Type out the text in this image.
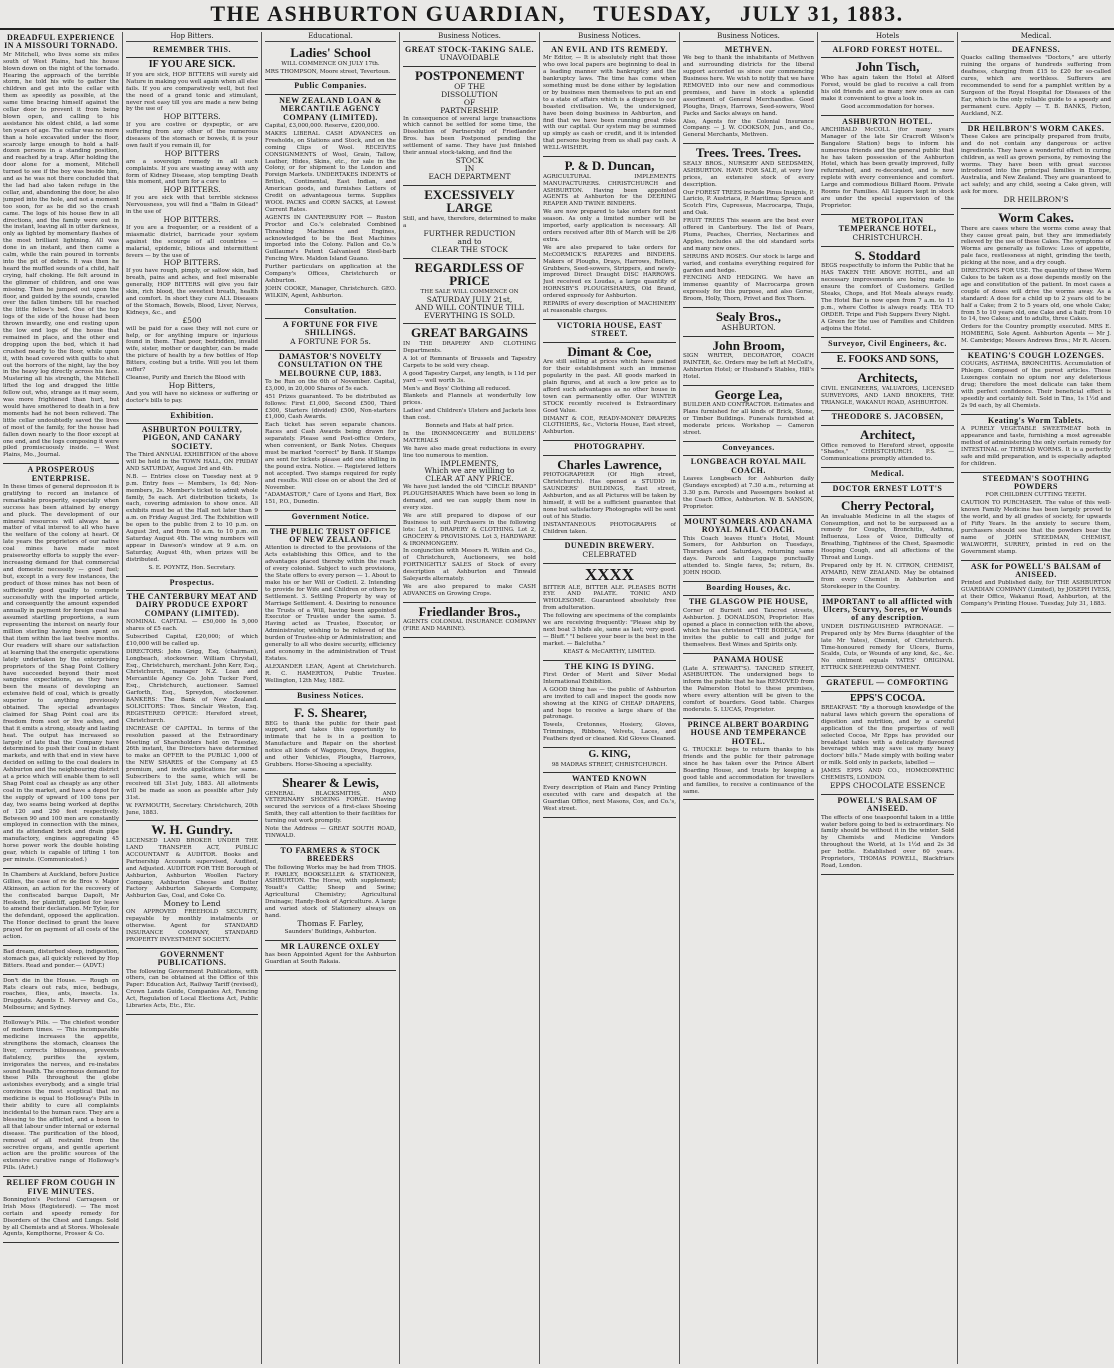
THE ASHBURTON GUARDIAN, TUESDAY, JULY 31, 1883.
DREADFUL EXPERIENCE IN A MISSOURI TORNADO.
Mr Mitchell, who lives some six miles south of West Plains, had his house blown down on the night of the tornado. Hearing the approach of the terrible storm, he told his wife to gather the children and get into the cellar with them as speedily as possible, at the same time bracing himself against the cellar door to prevent it from being blown open, and calling to his assistance his oldest child, a lad some ten years of age. The cellar was no more than a hole excavated under the floor, scarcely large enough to hold a half-dozen persons in a standing position, and reached by a trap. After holding the door alone for a moment, Mitchell turned to see if the boy was beside him, and as he was not there concluded that the lad had also taken refuge in the cellar, and, abandoning the door, he also jumped into the hole, and not a moment too soon, for as he did so the crash came. The logs of his house flew in all directions, and the family were out in the instant, leaving all in utter darkness, only as lighted by momentary flashes of the most brilliant lightning. All was done in an instant, and then came a calm, while the rain poured in torrents into the pit of debris. It was then he heard the muffled sounds of a child, half crying, half choking. He felt around in the glimmer of children, and one was missing. Then he jumped out upon the floor, and guided by the sounds, crawled over the fallen timbers till he reached the little fellow's bed. One of the top logs of the side of the house had been thrown inwardly, one end resting upon the low end logs of the house that remained in place, and the other end dropping upon the bed, which it had crushed nearly to the floor, while upon it, with head covered with quilts to shut out the horrors of the night, lay the boy in the heavy log directly across his face. Mustering all his strength, the Mitchell lifted the log and dragged the little fellow out, who, strange as it may seem, was more frightened than hurt, but would have smothered to death in a few moments had he not been relieved. The little cellar undoubtedly saved the lives of most of the family, for the house had fallen down nearly to the floor except at one end, and the logs composing it were piled promiscuously inside. — West Plains, Mo., Journal.
A PROSPEROUS ENTERPRISE.
In these times of general depression it is gratifying to record an instance of remarkable prosperity, especially when success has been attained by energy and pluck. The development of our mineral resources will always be a matter of vital interest to all who have the welfare of the colony at heart. Of late years the proprietors of our native coal mines have made most praiseworthy efforts to supply the ever-increasing demand for that commercial and domestic necessity — good fuel; but, except in a very few instances, the product of those mines has not been of sufficiently good quality to compete successfully with the imported article, and consequently the amount expended annually in payment for foreign coal has assumed startling proportions, a sum representing the interest on nearly four million sterling having been spent on that item within the last twelve months. Our readers will share our satisfaction at learning that the energetic operations lately undertaken by the enterprising proprietors of the Shag Point Colliery have succeeded beyond their most sanguine expectations, as they have been the means of developing an extensive field of coal, which is greatly superior to anything previously obtained. The special advantages claimed for Shag Point coal are its freedom from soot or live ashes, and that it emits a strong, steady and lasting heat. The output has increased so largely of late that the Company have determined to push their coal in distant markets, and with that end in view have decided on selling to the coal dealers in Ashburton and the neighbouring district at a price which will enable them to sell Shag Point coal as cheaply as any other coal in the market, and have a depot for the supply of upward of 100 tons per day, two seams being worked at depths of 120 and 250 feet respectively. Between 90 and 100 men are constantly employed in connection with the mines, and its attendant brick and drain pipe manufactory, engines aggregating 45 horse power work the double hoisting gear, which is capable of lifting 1 ton per minute. (Communicated.)
In Chambers at Auckland, before Justice Gillies, the case of re de Bros v. Major Atkinson, an action for the recovery of the confiscated barque Dapolt, Mr Hesketh, for plaintiff, applied for leave to amend their declaration. Mr Tyler, for the defendant, opposed the application. The Honor declined to grant the leave prayed for on payment of all costs of the action.
Bad dream, disturbed sleep, indigestion, stomach gas, all quickly relieved by Hop Bitters. Read and ponder.— (ADVT.)
Don't die in the House. — Rough on Rats clears out rats, mice, bedbugs, roaches, flies, ants, insects. 1s. Druggists. Agents E. Mervey and Co., Melbourne; and Sydney.
Holloway's Pills. — The chiefest wonder of modern times. — This incomparable medicine increases the appetite, strengthens the stomach, cleanses the liver, corrects biliousness, prevents flatulency, purifies the system, invigorates the nerves, and re-instates sound health. The enormous demand for these Pills throughout the globe astonishes everybody, and a single trial convinces the most sceptical that no medicine is equal to Holloway's Pills in their ability to cure all complaints incidental to the human race. They are a blessing to the afflicted, and a boon to all that labour under internal or external disease. The purification of the blood, removal of all restraint from the secretive organs, and gentle aperient action are the prolific sources of the extensive curative range of Holloway's Pills. (Advt.)
RELIEF FROM COUGH IN FIVE MINUTES.
Bonnington's Pectoral Carrageen or Irish Moss (Registered). — The most certain and speedy remedy for Disorders of the Chest and Lungs. Sold by all Chemists and at Stores. Wholesale Agents, Kempthorne, Prosser & Co.
Hop Bitters.
REMEMBER THIS.
IF YOU ARE SICK.
If you are sick, HOP BITTERS will surely aid Nature in making you well again when all else fails. If you are comparatively well, but feel the need of a grand tonic and stimulant, never rest easy till you are made a new being by the use of
HOP BITTERS.
If you are costive or dyspeptic, or are suffering from any other of the numerous diseases of the stomach or bowels, it is your own fault if you remain ill, for
HOP BITTERS
are a sovereign remedy in all such complaints. If you are wasting away with any form of Kidney Disease, stop tempting Death this moment, and turn for a cure to
HOP BITTERS.
If you are sick with that terrible sickness Nervousness, you will find a "Balm in Gilead" in the use of
HOP BITTERS.
If you are a frequenter, or a resident of a miasmatic district, barricade your system against the scourge of all countries — malarial, epidemic, bilious and intermittent fevers — by the use of
HOP BITTERS.
If you have rough, pimply, or sallow skin, bad breath, pains and aches, and feel miserable generally, HOP BITTERS will give you fair skin, rich blood, the sweetest breath, health and comfort. In short they cure ALL Diseases of the Stomach, Bowels, Blood, Liver, Nerves, Kidneys, &c., and
£500
will be paid for a case they will not cure or help, or for anything impure or injurious found in them. That poor, bedridden, invalid wife, sister, mother or daughter, can be made the picture of health by a few bottles of Hop Bitters, costing but a trifle. Will you let them suffer?
Cleanse, Purify and Enrich the Blood with
Hop Bitters,
And you will have no sickness or suffering or doctor's bills to pay.
Exhibition.
ASHBURTON POULTRY, PIGEON, AND CANARY SOCIETY.
The Third ANNUAL EXHIBITION of the above will be held in the TOWN HALL, ON FRIDAY AND SATURDAY, August 3rd and 4th.
N.B. — Entries close on Tuesday next at 9 p.m. Entry fees — Members, 1s 6d; Non-members, 2s. Member's ticket to admit whole family, 5s each. Art distribution tickets, 1s each, covering admission to show once. All exhibits must be at the Hall not later than 9 a.m. on Friday August 3rd. The Exhibition will be open to the public from 2 to 10 p.m. on August 3rd, and from 10 a.m. to 10 p.m. on Saturday August 4th. The wing numbers will appear in Dawson's window at 9 a.m. on Saturday, August 4th, when prizes will be distributed.
S. E. POYNTZ, Hon. Secretary.
Prospectus.
THE CANTERBURY MEAT AND DAIRY PRODUCE EXPORT COMPANY (LIMITED).
NOMINAL CAPITAL — £50,000 In 5,000 shares of £5 each.
Subscribed Capital, £20,000; of which £10,000 will be called up.
DIRECTORS: John Grigg, Esq. (chairman), Longbeach, stockowner. William Chrystall, Esq., Christchurch, merchant. John Kerr, Esq., Christchurch, manager N.Z. Loan and Mercantile Agency Co. John Tucker Ford, Esq., Christchurch, auctioneer. Samuel Garforth, Esq., Spreydon, stockowner. BANKERS: The Bank of New Zealand. SOLICITORS: Thos. Sinclair Weston, Esq. REGISTERED OFFICE: Hereford street, Christchurch.
INCREASE OF CAPITAL. In terms of the resolution passed at the Extraordinary Meeting of Shareholders held on Tuesday, 26th instant, the Directors have determined to make an OFFER to the PUBLIC 1,000 of the NEW SHARES of the Company at £5 premium, and invite applications for same. Subscribers to the same, which will be received till 31st July, 1883. All allotments will be made as soon as possible after July 31st.
W. FAYMOUTH, Secretary. Christchurch, 20th June, 1883.
W. H. Gundry.
LICENSED LAND BROKER UNDER THE LAND TRANSFER ACT, PUBLIC ACCOUNTANT & AUDITOR. Books and Partnership Accounts supervised, Audited, and Adjusted. AUDITOR FOR THE Borough of Ashburton, Ashburton Woollen Factory Company, Ashburton Cheese and Butter Factory Ashburton Saleyards Company, Ashburton Gas, Coal, and Coke Co.
Money to Lend
ON APPROVED FREEHOLD SECURITY, repayable by monthly instalments or otherwise. Agent for STANDARD INSURANCE COMPANY, STANDARD PROPERTY INVESTMENT SOCIETY.
GOVERNMENT PUBLICATIONS.
The following Government Publications, with others, can be obtained at the Office of this Paper: Education Act, Railway Tariff (revised), Crown Lands Guide, Companies Act, Fencing Act, Regulation of Local Elections Act, Public Libraries Acts, Etc., Etc.
Educational.
Ladies' School
WILL COMMENCE ON JULY 17th.
MRS THOMPSON, Moore street, Tevertoun.
Public Companies.
NEW ZEALAND LOAN & MERCANTILE AGENCY COMPANY (LIMITED).
Capital, £3,000,000. Reserve, £200,000.
MAKES LIBERAL CASH ADVANCES on Freeholds, on Stations and Stock, and on the coming Clips of Wool. RECEIVES CONSIGNMENTS of Wool, Grain, Tallow, Leather, Hides, Skins, etc., for sale in the Colony, or for shipment to the London and Foreign Markets. UNDERTAKES INDENTS of British, Continental, East Indian, and American goods, and furnishes Letters of Credit on advantageous terms. Supplies WOOL PACKS and CORN SACKS, at Lowest Current Rates.
AGENTS IN CANTERBURY FOR — Ruston Proctor and Co.'s celebrated Combined Thrashing Machines and Engines, acknowledged to be the Best Machines imported into the Colony. Fallon and Co.'s Guillaume's Patent Galvanised Steel-barb Fencing Wire. Maldon Island Guano.
Further particulars on application at the Company's Offices, Christchurch or Ashburton.
JOHN COOKE, Manager, Christchurch. GEO. WILKIN, Agent, Ashburton.
Consultation.
A FORTUNE FOR FIVE SHILLINGS.
A FORTUNE FOR 5s.
DAMASTOR'S NOVELTY CONSULTATION ON THE MELBOURNE CUP, 1883.
To be Run on the 6th of November. Capital, £3,000, in 20,000 Shares of 5s each.
451 Prizes guaranteed. To be distributed as follows: First £1,000, Second £500, Third £300, Starters (divided) £500, Non-starters £1,000, Cash Awards.
Each ticket has seven separate chances. Races and Cash Awards being drawn for separately. Please send Post-office Orders, when convenient, or Bank Notes. Cheques must be marked "correct" by Bank. If Stamps are sent for tickets please add one shilling in the pound extra. Notice. — Registered letters not accepted. Two stamps required for reply and results. Will close on or about the 3rd of November.
"ADAMASTOR," Care of Lyons and Hart, Box 151, P.O., Dunedin.
Government Notice.
THE PUBLIC TRUST OFFICE OF NEW ZEALAND.
Attention is directed to the provisions of the Acts establishing this Office, and to the advantages placed thereby within the reach of every colonist. Subject to such provisions, the State offers to every person — 1. About to make his or her Will or Codicil. 2. Intending to provide for Wife and Children or others by Settlement. 3. Settling Property by way of Marriage Settlement. 4. Desiring to renounce the Trusts of a Will, having been appointed Executor or Trustee under the same. 5. Having acted as Trustee, Executor, or Administrator, wishing to be relieved of the burden of Trustee-ship or Administration; and generally to all who desire security, efficiency and economy in the administration of Trust Estates.
ALEXANDER LEAN, Agent at Christchurch. R. C. HAMERTON, Public Trustee. Wellington, 12th May, 1882.
Business Notices.
F. S. Shearer,
BEG to thank the public for their past support, and takes this opportunity to intimate that he is in a position to Manufacture and Repair on the shortest notice all kinds of Waggons, Drays, Buggies, and other Vehicles, Ploughs, Harrows, Grubbers. Horse-Shoeing a speciality.
Shearer & Lewis,
GENERAL BLACKSMITHS, AND VETERINARY SHOEING FORGE. Having secured the services of a first-class Shoeing Smith, they call attention to their facilities for turning out work promptly.
Note the Address — GREAT SOUTH ROAD, TINWALD.
TO FARMERS & STOCK BREEDERS
The following Works may be had from THOS. F. FARLEY, BOOKSELLER & STATIONER, ASHBURTON. The Horse, with supplement; Youatt's Cattle; Sheep and Swine; Agricultural Chemistry; Agricultural Drainage; Handy-Book of Agriculture. A large and varied stock of Stationery always on hand.
Thomas F. Farley,
Saunders' Buildings, Ashburton.
MR LAURENCE OXLEY
has been Appointed Agent for the Ashburton Guardian at South Rakaia.
Business Notices.
GREAT STOCK-TAKING SALE.
UNAVOIDABLE
POSTPONEMENT
OF THE
DISSOLUTION
OF
PARTNERSHIP.
In consequence of several large transactions which cannot be settled for some time, the Dissolution of Partnership of Friedlander Bros. has been Postponed pending the settlement of same. They have just finished their annual stock-taking, and find the
STOCK
IN
EACH DEPARTMENT
EXCESSIVELY LARGE
Still, and have, therefore, determined to make a
FURTHER REDUCTION
and to
CLEAR THE STOCK
REGARDLESS OF PRICE
THE SALE WILL COMMENCE ON
SATURDAY JULY 21st,
AND WILL CONTINUE TILL
EVERYTHING IS SOLD.
GREAT BARGAINS
IN THE DRAPERY AND CLOTHING Departments.
A lot of Remnants of Brussels and Tapestry Carpets to be sold very cheap.
A good Tapestry Carpet, any length, is 11d per yard — well worth 3s.
Men's and Boys' Clothing all reduced.
Blankets and Flannels at wonderfully low prices.
Ladies' and Children's Ulsters and Jackets less than cost.
Bonnets and Hats at half price.
In the IRONMONGERY and BUILDERS' MATERIALS
We have also made great reductions in every line too numerous to mention.
IMPLEMENTS,
Which we are willing to
CLEAR AT ANY PRICE.
We have just landed the old "CIRCLE BRAND" PLOUGHSHARES Which have been so long in demand, and we can supply them now in every size.
We are still prepared to dispose of our Business to suit Purchasers in the following lots: Lot 1, DRAPERY & CLOTHING. Lot 2, GROCERY & PROVISIONS. Lot 3, HARDWARE & IRONMONGERY.
In conjunction with Messrs R. Wilkin and Co., of Christchurch, Auctioneers, we hold FORTNIGHTLY SALES of Stock of every description at Ashburton and Tinwald Saleyards alternately.
We are also prepared to make CASH ADVANCES on Growing Crops.
Friedlander Bros.,
AGENTS COLONIAL INSURANCE COMPANY (FIRE AND MARINE).
Business Notices.
AN EVIL AND ITS REMEDY.
Mr Editor, — It is absolutely right that those who owe local papers are beginning to deal in a leading manner with bankruptcy and the bankruptcy laws. The time has come when something must be done either by legislation or by business men themselves to put an end to a state of affairs which is a disgrace to our boasted civilisation. We, the undersigned, have been doing business in Ashburton, and find that we have been running great risks with our capital. Our system may be summed up simply as cash or credit, and it is intended that persons buying from us shall pay cash. A WELL-WISHER.
P. & D. Duncan,
AGRICULTURAL IMPLEMENTS MANUFACTURERS. CHRISTCHURCH and ASHBURTON. Having been appointed AGENTS at Ashburton for the DEERING REAPER AND TWINE BINDERS.
We are now prepared to take orders for next season. As only a limited number will be imported, early application is necessary. All orders received after 8th of March will be 2/6 extra.
We are also prepared to take orders for McCORMICK'S REAPERS and BINDERS. Makers of Ploughs, Drays, Harrows, Rollers, Grubbers, Seed-sowers, Strippers, and newly-improved Direct Draught DISC HARROWS. Just received ex Loudas, a large quantity of HORNSBY'S PLOUGHSHARES, Old Brand, ordered expressly for Ashburton.
REPAIRS of every description of MACHINERY at reasonable charges.
VICTORIA HOUSE, EAST STREET.
Dimant & Coe,
Are still selling at prices which have gained for their establishment such an immense popularity in the past. All goods marked in plain figures, and at such a low price as to afford such advantages as no other house in town can permanently offer. Our WINTER STOCK recently received is Extraordinary Good Value.
DIMANT & COE, READY-MONEY DRAPERS CLOTHIERS, &c., Victoria House, East street, Ashburton.
PHOTOGRAPHY.
Charles Lawrence,
PHOTOGRAPHER (Of High street, Christchurch). Has opened a STUDIO in SAUNDERS' BUILDINGS, East street, Ashburton, and as all Pictures will be taken by himself, it will be a sufficient guarantee that none but satisfactory Photographs will be sent out of his Studio.
INSTANTANEOUS PHOTOGRAPHS of Children taken.
DUNEDIN BREWERY.
CELEBRATED
XXXX
BITTER ALE, BITTER ALE. PLEASES BOTH EYE AND PALATE. TONIC AND WHOLESOME. Guaranteed absolutely free from adulteration.
The following are specimens of the complaints we are receiving frequently: "Please ship by next boat 3 hhds ale, same as last; very good. — Bluff." "I believe your beer is the best in the market. — Balclutha."
KEAST & McCARTHY, LIMITED.
THE KING IS DYING.
First Order of Merit and Silver Medal International Exhibition.
A GOOD thing has — the public of Ashburton are invited to call and inspect the goods now showing at the KING of CHEAP DRAPERS, and hope to receive a large share of the patronage.
Towels, Cretonnes, Hosiery, Gloves, Trimmings, Ribbons, Velvets, Laces, and Feathers dyed or cleaned. Kid Gloves Cleaned.
G. KING,
98 MADRAS STREET, CHRISTCHURCH.
WANTED KNOWN
Every description of Plain and Fancy Printing executed with care and despatch at the Guardian Office, next Masons, Cox, and Co.'s, West street.
Business Notices.
METHVEN.
We beg to thank the inhabitants of Methven and surrounding districts for the liberal support accorded us since our commencing Business here. We wish to notify that we have REMOVED into our new and commodious premises, and have in stock a splendid assortment of General Merchandise. Good Ploughs, Drays, Harrows, Seed-sowers, Wool Packs and Sacks always on hand.
Also, Agents for the Colonial Insurance Company. — J. W. COOKSON, Jun., and Co., General Merchants, Methven.
Trees. Trees. Trees.
SEALY BROS., NURSERY AND SEEDSMEN, ASHBURTON. HAVE FOR SALE, at very low prices, an extensive stock of every description.
Our FOREST TREES include Pinus Insignis, P. Laricio, P. Austriaca, P. Maritima; Spruce and Scotch Firs, Cupressus, Macrocarpa, Thuja, and Oak.
FRUIT TREES This season are the best ever offered in Canterbury. The list of Pears, Plums, Peaches, Cherries, Nectarines and Apples, includes all the old standard sorts and many new ones.
SHRUBS AND ROSES. Our stock is large and varied, and contains everything required for garden and hedge.
FENCING AND HEDGING. We have an immense quantity of Macrocarpa grown expressly for this purpose, and also Gorse, Broom, Holly, Thorn, Privet and Box Thorn.
Sealy Bros.,
ASHBURTON.
John Broom,
SIGN WRITER, DECORATOR, COACH PAINTER, &c. Orders may be left at McColl's, Ashburton Hotel; or Husband's Stables, Hill's Hotel.
George Lea,
BUILDER AND CONTRACTOR. Estimates and Plans furnished for all kinds of Brick, Stone, or Timber Buildings. Funerals furnished at moderate prices. Workshop — Cameron street.
Conveyances.
LONGBEACH ROYAL MAIL COACH.
Leaves Longbeach for Ashburton daily (Sundays excepted) at 7.30 a.m., returning at 3.30 p.m. Parcels and Passengers booked at the Coach Office, Ashburton. W. B. SANSON, Proprietor.
MOUNT SOMERS AND ANAMA ROYAL MAIL COACH.
This Coach leaves Hunt's Hotel, Mount Somers, for Ashburton on Tuesdays, Thursdays and Saturdays, returning same days. Parcels and Luggage punctually attended to. Single fares, 5s; return, 8s. JOHN HOOD.
Boarding Houses, &c.
THE GLASGOW PIE HOUSE,
Corner of Burnett and Tancred streets, Ashburton. J. DONALDSON, Proprietor. Has opened a place in connection with the above, which he has christened "THE BODEGA," and invites the public to call and judge for themselves. Best Wines and Spirits only.
PANAMA HOUSE
(Late A. STEWART'S). TANCRED STREET, ASHBURTON. The undersigned begs to inform the public that he has REMOVED from the Palmerston Hotel to these premises, where every attention will be given to the comfort of boarders. Good table. Charges moderate. S. LUCAS, Proprietor.
PRINCE ALBERT BOARDING HOUSE AND TEMPERANCE HOTEL.
G. TRUCKLE begs to return thanks to his friends and the public for their patronage since he has taken over the Prince Albert Boarding House, and trusts by keeping a good table and accommodation for travellers and families, to receive a continuance of the same.
Hotels
ALFORD FOREST HOTEL.
John Tisch,
Who has again taken the Hotel at Alford Forest, would be glad to receive a call from his old friends and as many new ones as can make it convenient to give a look in.
Good accommodation for horses.
ASHBURTON HOTEL.
ARCHIBALD McCOLL (for many years Manager of the late Sir Cracroft Wilson's Bangalore Station) begs to inform his numerous friends and the general public that he has taken possession of the Ashburton Hotel, which has been greatly improved, fully refurnished, and re-decorated, and is now replete with every convenience and comfort. Large and commodious Billiard Room. Private Rooms for Families. All Liquors kept in stock are under the special supervision of the Proprietor.
METROPOLITAN TEMPERANCE HOTEL,
CHRISTCHURCH.
S. Stoddard
BEGS respectfully to inform the Public that he HAS TAKEN THE ABOVE HOTEL, and all necessary improvements are being made to ensure the comfort of Customers. Grilled Steaks, Chops, and Hot Meals always ready. The Hotel Bar is now open from 7 a.m. to 11 p.m., where Coffee is always ready. TEA TO ORDER. Tripe and Fish Suppers Every Night.
A Green for the use of Families and Children adjoins the Hotel.
Surveyor, Civil Engineers, &c.
E. FOOKS AND SONS,
Architects,
CIVIL ENGINEERS, VALUATORS, LICENSED SURVEYORS, AND LAND BROKERS, THE TRIANGLE, WAKANUI ROAD, ASHBURTON.
THEODORE S. JACOBSEN,
Architect,
Office removed to Hereford street, opposite "Shades," CHRISTCHURCH. P.S. — Communications promptly attended to.
Medical.
DOCTOR ERNEST LOTT'S
Cherry Pectoral,
An invaluable Medicine in all the stages of Consumption, and not to be surpassed as a remedy for Coughs, Bronchitis, Asthma, Influenza, Loss of Voice, Difficulty of Breathing, Tightness of the Chest, Spasmodic Hooping Cough, and all affections of the Throat and Lungs.
Prepared only by H. N. CITRON, CHEMIST, AYMARD, NEW ZEALAND. May be obtained from every Chemist in Ashburton and Storekeeper in the Country.
IMPORTANT to all afflicted with Ulcers, Scurvy, Sores, or Wounds of any description.
UNDER DISTINGUISHED PATRONAGE. — Prepared only by Mrs Burns (daughter of the late Mr Yates), Chemist, of Christchurch. Time-honoured remedy for Ulcers, Burns, Scalds, Cuts, or Wounds of any kind, &c., &c. No ointment equals YATES' ORIGINAL ETTRICK SHEPHERD OINTMENT.
GRATEFUL — COMFORTING
EPPS'S COCOA.
BREAKFAST. "By a thorough knowledge of the natural laws which govern the operations of digestion and nutrition, and by a careful application of the fine properties of well selected Cocoa, Mr Epps has provided our breakfast tables with a delicately flavoured beverage which may save us many heavy doctors' bills." Made simply with boiling water or milk. Sold only in packets, labelled —
JAMES EPPS AND CO., HOMŒOPATHIC CHEMISTS, LONDON.
EPPS CHOCOLATE ESSENCE
POWELL'S BALSAM OF ANISEED.
The effects of one teaspoonful taken in a little water before going to bed is extraordinary. No family should be without it in the winter. Sold by Chemists and Medicine Vendors throughout the World, at 1s 1½d and 2s 3d per bottle. Established over 60 years. Proprietors, THOMAS POWELL, Blackfriars Road, London.
Medical.
DEAFNESS.
Quacks calling themselves "Doctors," are utterly ruining the organs of hundreds suffering from deafness, charging from £15 to £20 for so-called cures, which are worthless. Sufferers are recommended to send for a pamphlet written by a Surgeon of the Royal Hospital for Diseases of the Ear, which is the only reliable guide to a speedy and permanent cure. Apply — T. B. BANKS, Ficton, Auckland, N.Z.
DR HEILBRON'S WORM CAKES.
These Cakes are principally prepared from fruits, and do not contain any dangerous or active ingredients. They have a wonderful effect in curing children, as well as grown persons, by removing the worms. They have been with great success introduced into the principal families in Europe, Australia, and New Zealand. They are guaranteed to act safely; and any child, seeing a Cake given, will ask for more.
DR HEILBRON'S
Worm Cakes.
There are cases where the worms come away that they cause great pain, but they are immediately relieved by the use of these Cakes. The symptoms of Worms are generally as follows: Loss of appetite, pale face, restlessness at night, grinding the teeth, picking at the nose, and a dry cough.
DIRECTIONS FOR USE. The quantity of these Worm Cakes to be taken as a dose depends mostly on the age and constitution of the patient. In most cases a couple of doses will drive the worms away. As a standard: A dose for a child up to 2 years old to be half a Cake; from 2 to 5 years old, one whole Cake; from 5 to 10 years old, one Cake and a half; from 10 to 14, two Cakes; and to adults, three Cakes.
Orders for the Country promptly executed. MRS E. HOMBERG, Sole Agent. Ashburton Agents — Mr J. M. Cambridge; Messrs Andrews Bros.; Mr R. Alcorn.
KEATING'S COUGH LOZENGES.
COUGHS, ASTHMA, BRONCHITIS. Accumulation of Phlegm. Composed of the purest articles. These Lozenges contain no opium nor any deleterious drug; therefore the most delicate can take them with perfect confidence. Their beneficial effect is speedily and certainly felt. Sold in Tins, 1s 1½d and 2s 9d each, by all Chemists.
Keating's Worm Tablets.
A PURELY VEGETABLE SWEETMEAT both in appearance and taste, furnishing a most agreeable method of administering the only certain remedy for INTESTINAL or THREAD WORMS. It is a perfectly safe and mild preparation, and is especially adapted for children.
STEEDMAN'S SOOTHING POWDERS
FOR CHILDREN CUTTING TEETH.
CAUTION TO PURCHASER. The value of this well-known Family Medicine has been largely proved to the world, and by all grades of society, for upwards of Fifty Years. In the anxiety to secure them, purchasers should see that the powders bear the name of JOHN STEEDMAN, CHEMIST, WALWORTH, SURREY, printed in red on the Government stamp.
ASK for POWELL'S BALSAM of ANISEED.
Printed and Published daily, for THE ASHBURTON GUARDIAN COMPANY (Limited), by JOSEPH IVESS, at their Office, Wakanui Road, Ashburton, at the Company's Printing House. Tuesday, July 31, 1883.
